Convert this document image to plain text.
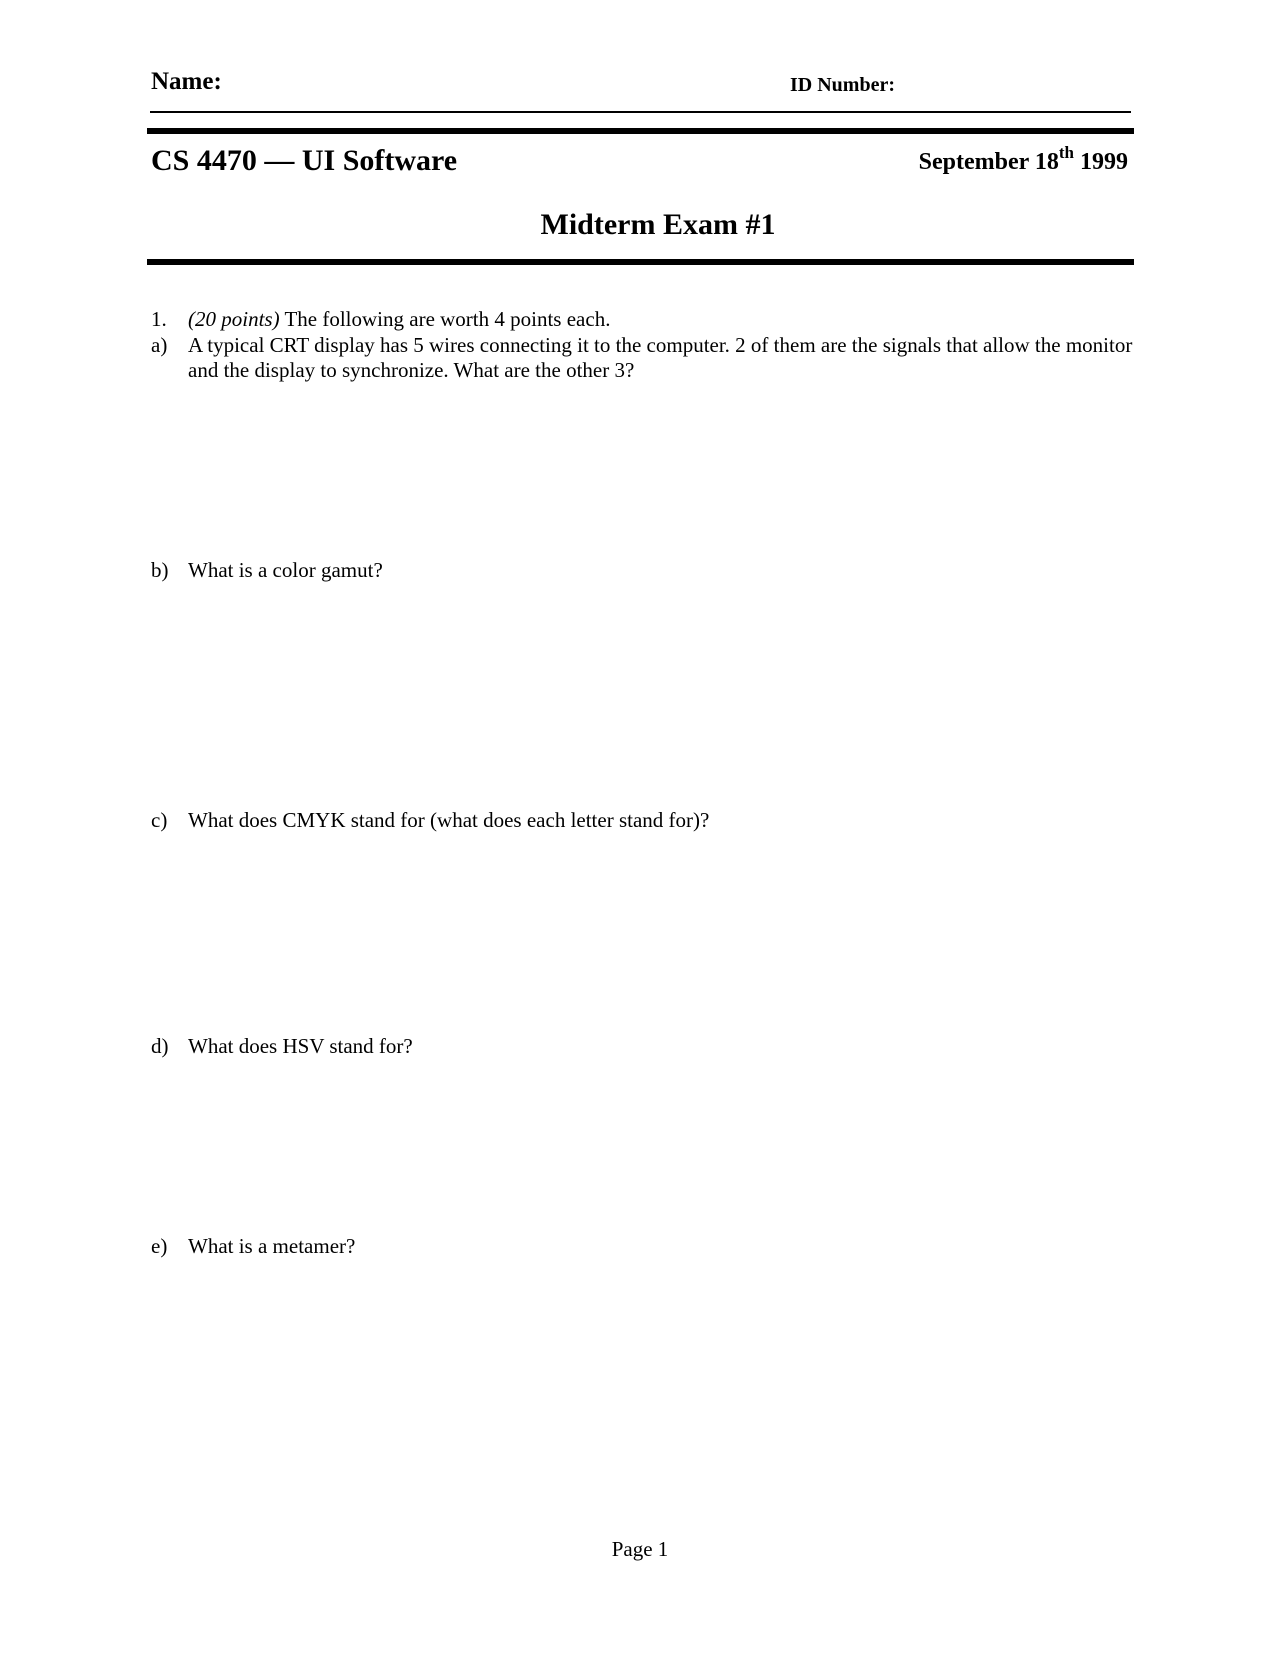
Name:	ID Number:
CS 4470 — UI Software	September 18th 1999
Midterm Exam #1
1. (20 points) The following are worth 4 points each.
a) A typical CRT display has 5 wires connecting it to the computer. 2 of them are the signals that allow the monitor and the display to synchronize. What are the other 3?
b) What is a color gamut?
c) What does CMYK stand for (what does each letter stand for)?
d) What does HSV stand for?
e) What is a metamer?
Page 1
